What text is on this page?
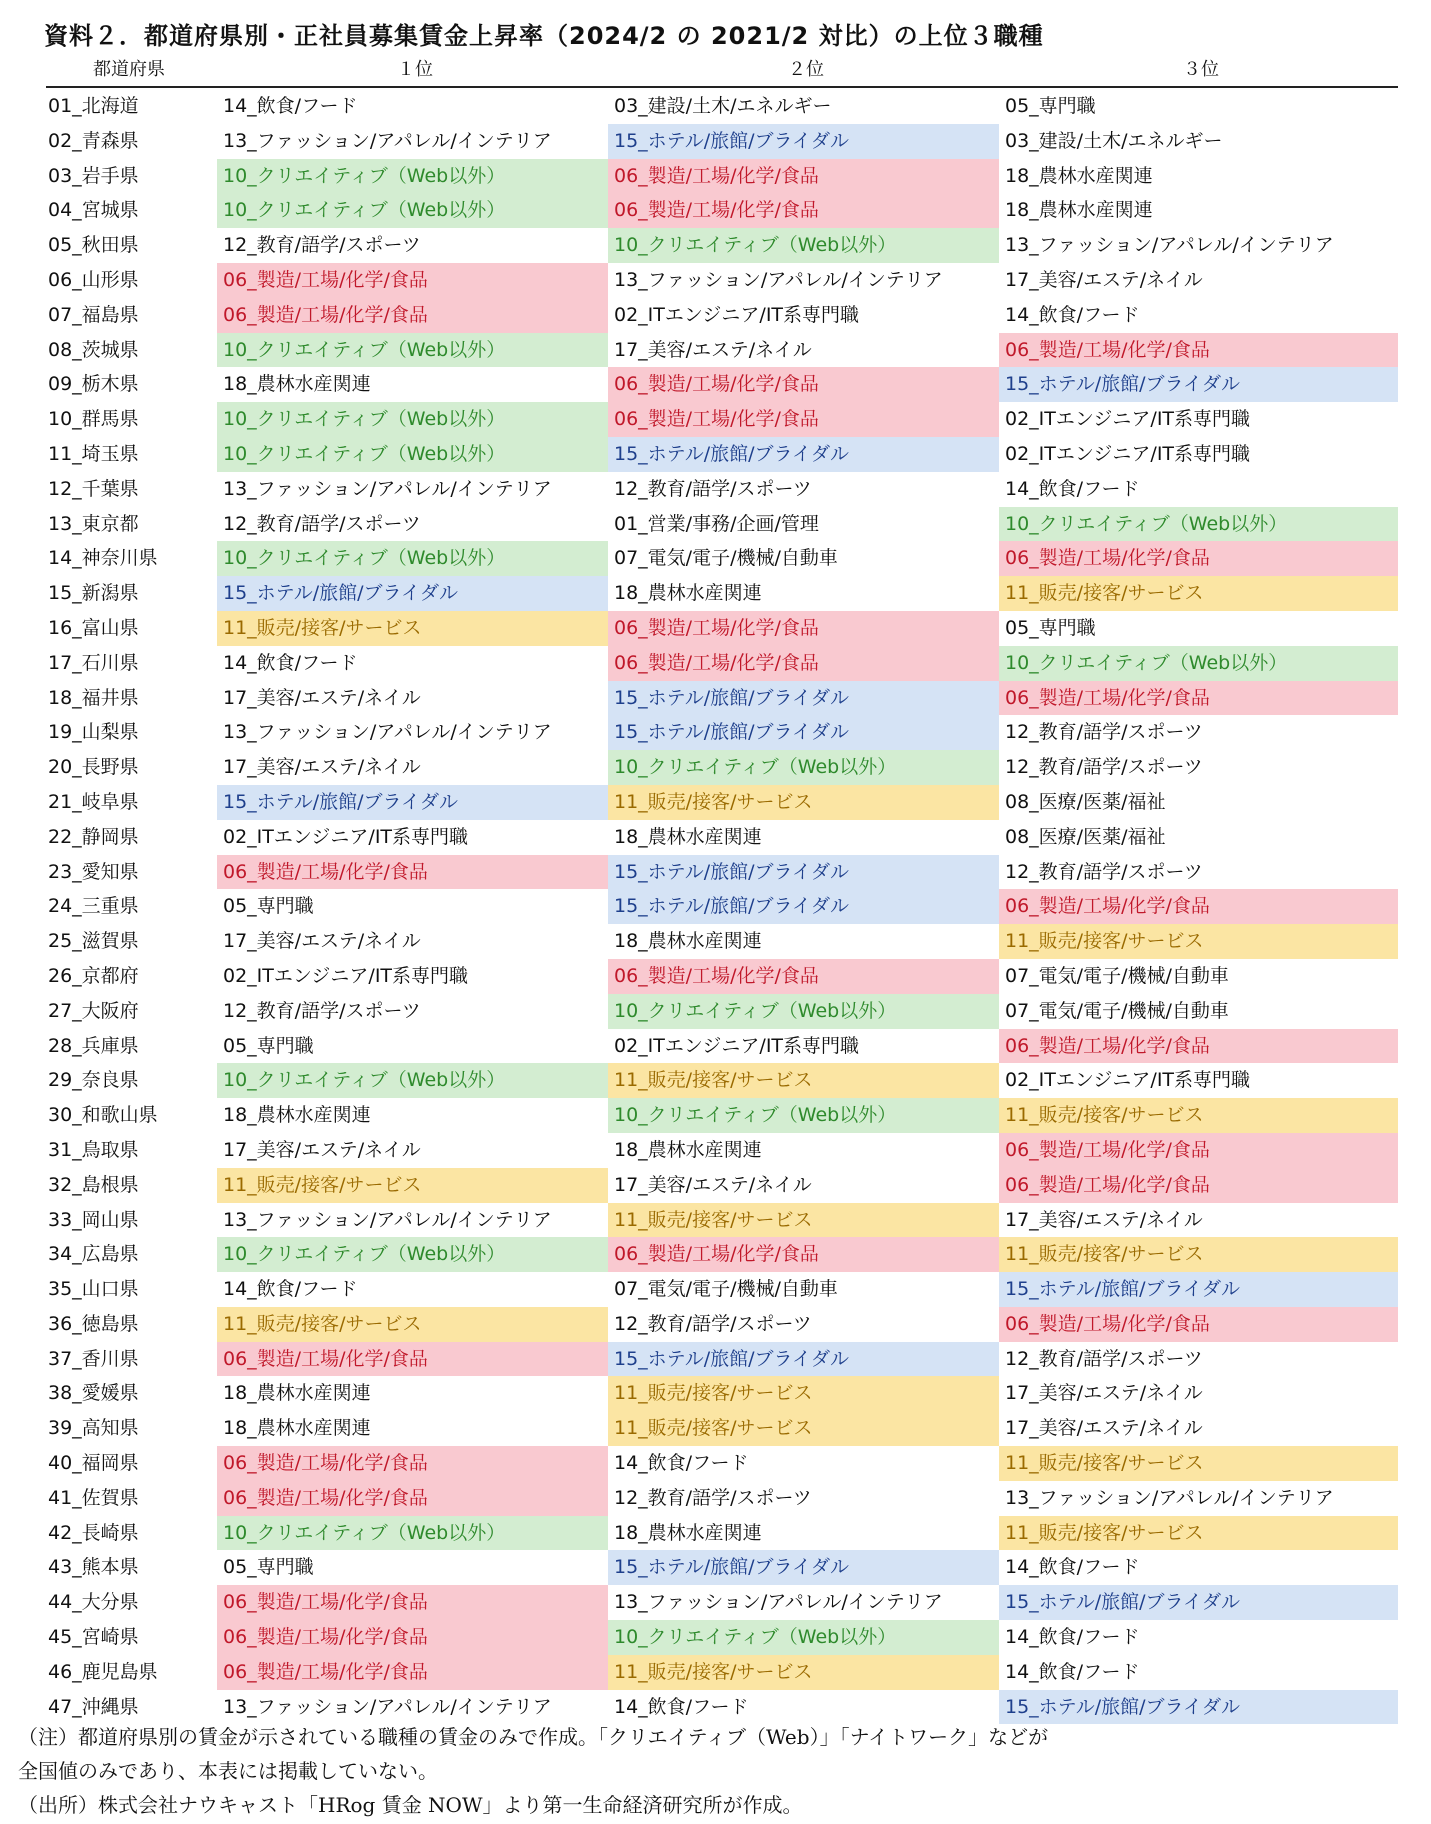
資料２．都道府県別・正社員募集賃金上昇率（2024/2 の 2021/2 対比）の上位３職種
都道府県	１位	２位	３位
01_北海道	14_飲食/フード	03_建設/土木/エネルギー	05_専門職
02_青森県	13_ファッション/アパレル/インテリア	15_ホテル/旅館/ブライダル	03_建設/土木/エネルギー
03_岩手県	10_クリエイティブ（Web以外）	06_製造/工場/化学/食品	18_農林水産関連
04_宮城県	10_クリエイティブ（Web以外）	06_製造/工場/化学/食品	18_農林水産関連
05_秋田県	12_教育/語学/スポーツ	10_クリエイティブ（Web以外）	13_ファッション/アパレル/インテリア
06_山形県	06_製造/工場/化学/食品	13_ファッション/アパレル/インテリア	17_美容/エステ/ネイル
07_福島県	06_製造/工場/化学/食品	02_ITエンジニア/IT系専門職	14_飲食/フード
08_茨城県	10_クリエイティブ（Web以外）	17_美容/エステ/ネイル	06_製造/工場/化学/食品
09_栃木県	18_農林水産関連	06_製造/工場/化学/食品	15_ホテル/旅館/ブライダル
10_群馬県	10_クリエイティブ（Web以外）	06_製造/工場/化学/食品	02_ITエンジニア/IT系専門職
11_埼玉県	10_クリエイティブ（Web以外）	15_ホテル/旅館/ブライダル	02_ITエンジニア/IT系専門職
12_千葉県	13_ファッション/アパレル/インテリア	12_教育/語学/スポーツ	14_飲食/フード
13_東京都	12_教育/語学/スポーツ	01_営業/事務/企画/管理	10_クリエイティブ（Web以外）
14_神奈川県	10_クリエイティブ（Web以外）	07_電気/電子/機械/自動車	06_製造/工場/化学/食品
15_新潟県	15_ホテル/旅館/ブライダル	18_農林水産関連	11_販売/接客/サービス
16_富山県	11_販売/接客/サービス	06_製造/工場/化学/食品	05_専門職
17_石川県	14_飲食/フード	06_製造/工場/化学/食品	10_クリエイティブ（Web以外）
18_福井県	17_美容/エステ/ネイル	15_ホテル/旅館/ブライダル	06_製造/工場/化学/食品
19_山梨県	13_ファッション/アパレル/インテリア	15_ホテル/旅館/ブライダル	12_教育/語学/スポーツ
20_長野県	17_美容/エステ/ネイル	10_クリエイティブ（Web以外）	12_教育/語学/スポーツ
21_岐阜県	15_ホテル/旅館/ブライダル	11_販売/接客/サービス	08_医療/医薬/福祉
22_静岡県	02_ITエンジニア/IT系専門職	18_農林水産関連	08_医療/医薬/福祉
23_愛知県	06_製造/工場/化学/食品	15_ホテル/旅館/ブライダル	12_教育/語学/スポーツ
24_三重県	05_専門職	15_ホテル/旅館/ブライダル	06_製造/工場/化学/食品
25_滋賀県	17_美容/エステ/ネイル	18_農林水産関連	11_販売/接客/サービス
26_京都府	02_ITエンジニア/IT系専門職	06_製造/工場/化学/食品	07_電気/電子/機械/自動車
27_大阪府	12_教育/語学/スポーツ	10_クリエイティブ（Web以外）	07_電気/電子/機械/自動車
28_兵庫県	05_専門職	02_ITエンジニア/IT系専門職	06_製造/工場/化学/食品
29_奈良県	10_クリエイティブ（Web以外）	11_販売/接客/サービス	02_ITエンジニア/IT系専門職
30_和歌山県	18_農林水産関連	10_クリエイティブ（Web以外）	11_販売/接客/サービス
31_鳥取県	17_美容/エステ/ネイル	18_農林水産関連	06_製造/工場/化学/食品
32_島根県	11_販売/接客/サービス	17_美容/エステ/ネイル	06_製造/工場/化学/食品
33_岡山県	13_ファッション/アパレル/インテリア	11_販売/接客/サービス	17_美容/エステ/ネイル
34_広島県	10_クリエイティブ（Web以外）	06_製造/工場/化学/食品	11_販売/接客/サービス
35_山口県	14_飲食/フード	07_電気/電子/機械/自動車	15_ホテル/旅館/ブライダル
36_徳島県	11_販売/接客/サービス	12_教育/語学/スポーツ	06_製造/工場/化学/食品
37_香川県	06_製造/工場/化学/食品	15_ホテル/旅館/ブライダル	12_教育/語学/スポーツ
38_愛媛県	18_農林水産関連	11_販売/接客/サービス	17_美容/エステ/ネイル
39_高知県	18_農林水産関連	11_販売/接客/サービス	17_美容/エステ/ネイル
40_福岡県	06_製造/工場/化学/食品	14_飲食/フード	11_販売/接客/サービス
41_佐賀県	06_製造/工場/化学/食品	12_教育/語学/スポーツ	13_ファッション/アパレル/インテリア
42_長崎県	10_クリエイティブ（Web以外）	18_農林水産関連	11_販売/接客/サービス
43_熊本県	05_専門職	15_ホテル/旅館/ブライダル	14_飲食/フード
44_大分県	06_製造/工場/化学/食品	13_ファッション/アパレル/インテリア	15_ホテル/旅館/ブライダル
45_宮崎県	06_製造/工場/化学/食品	10_クリエイティブ（Web以外）	14_飲食/フード
46_鹿児島県	06_製造/工場/化学/食品	11_販売/接客/サービス	14_飲食/フード
47_沖縄県	13_ファッション/アパレル/インテリア	14_飲食/フード	15_ホテル/旅館/ブライダル
（注）都道府県別の賃金が示されている職種の賃金のみで作成。「クリエイティブ（Web）」「ナイトワーク」などが
全国値のみであり、本表には掲載していない。
（出所）株式会社ナウキャスト「HRog 賃金 NOW」より第一生命経済研究所が作成。
